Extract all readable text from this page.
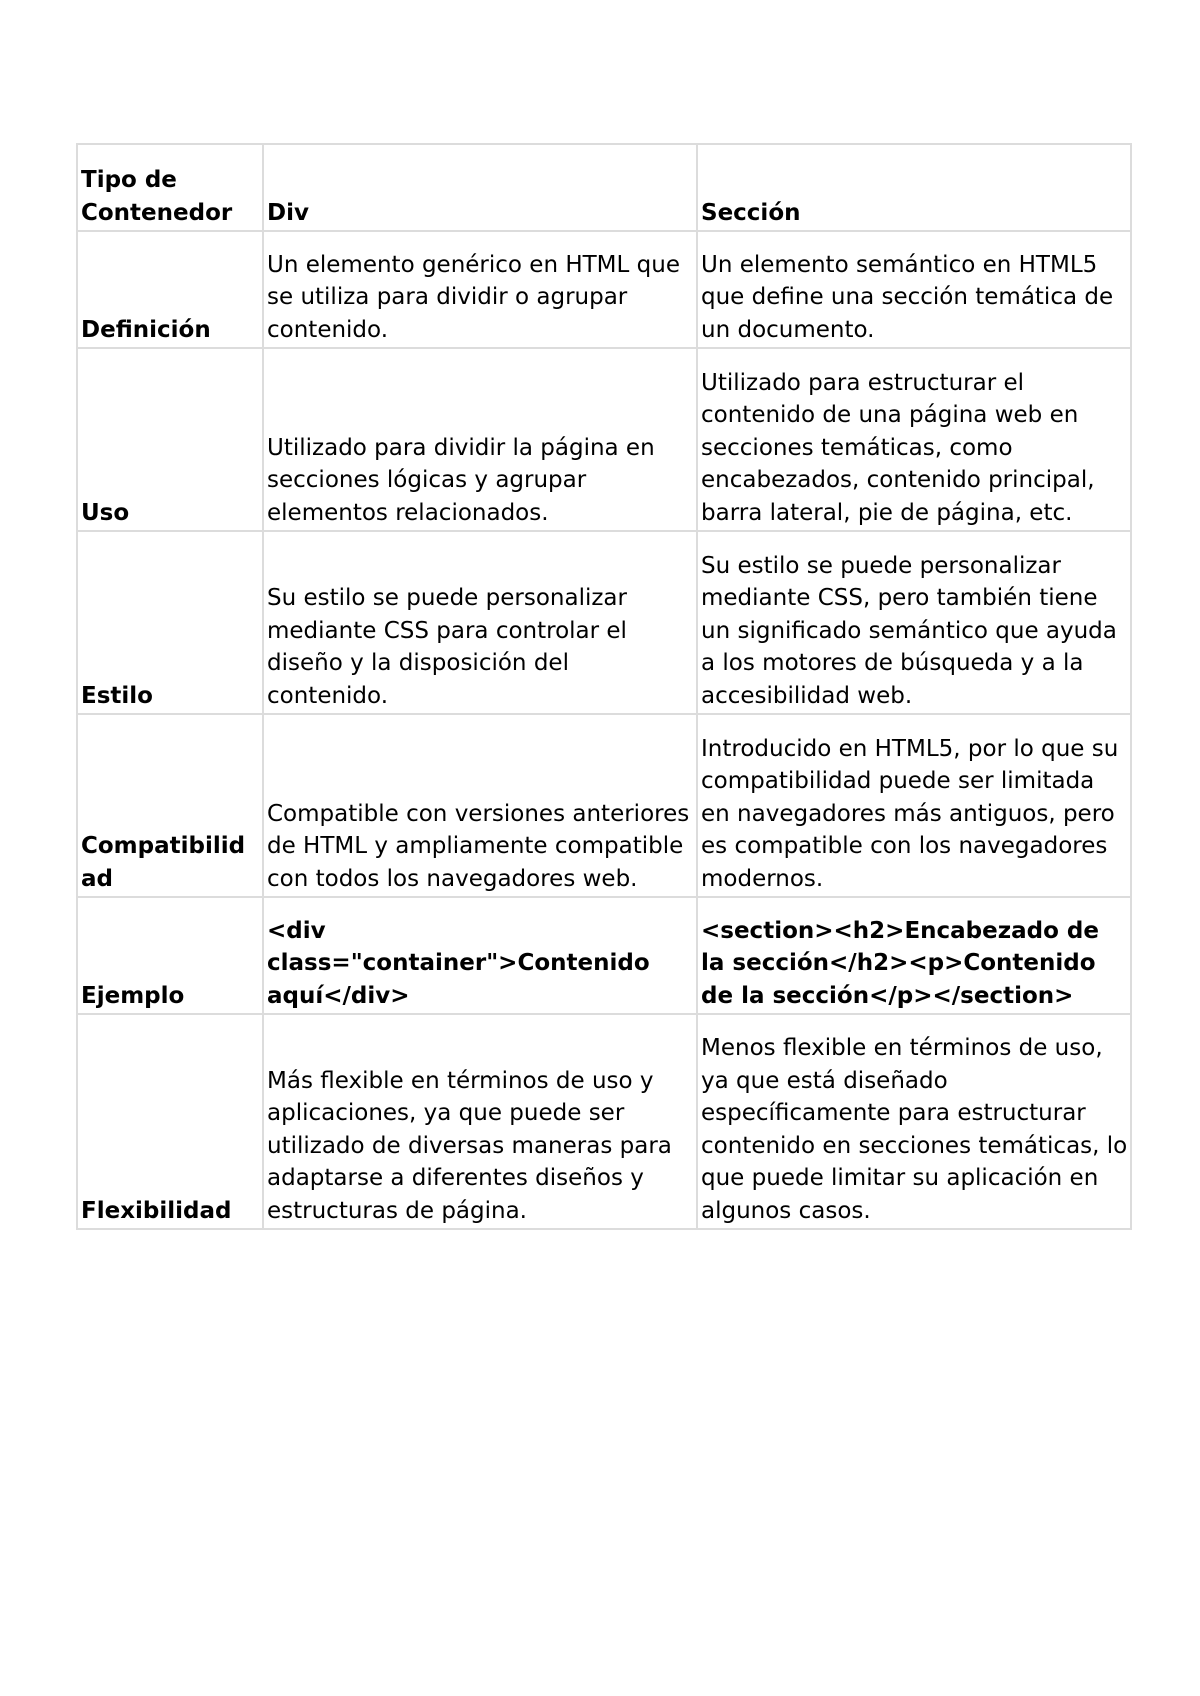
Tipo de Contenedor	Div	Sección
Definición	Un elemento genérico en HTML que se utiliza para dividir o agrupar contenido.	Un elemento semántico en HTML5 que define una sección temática de un documento.
Uso	Utilizado para dividir la página en secciones lógicas y agrupar elementos relacionados.	Utilizado para estructurar el contenido de una página web en secciones temáticas, como encabezados, contenido principal, barra lateral, pie de página, etc.
Estilo	Su estilo se puede personalizar mediante CSS para controlar el diseño y la disposición del contenido.	Su estilo se puede personalizar mediante CSS, pero también tiene un significado semántico que ayuda a los motores de búsqueda y a la accesibilidad web.
Compatibilidad	Compatible con versiones anteriores de HTML y ampliamente compatible con todos los navegadores web.	Introducido en HTML5, por lo que su compatibilidad puede ser limitada en navegadores más antiguos, pero es compatible con los navegadores modernos.
Ejemplo	<div class="container">Contenido aquí</div>	<section><h2>Encabezado de la sección</h2><p>Contenido de la sección</p></section>
Flexibilidad	Más flexible en términos de uso y aplicaciones, ya que puede ser utilizado de diversas maneras para adaptarse a diferentes diseños y estructuras de página.	Menos flexible en términos de uso, ya que está diseñado específicamente para estructurar contenido en secciones temáticas, lo que puede limitar su aplicación en algunos casos.
